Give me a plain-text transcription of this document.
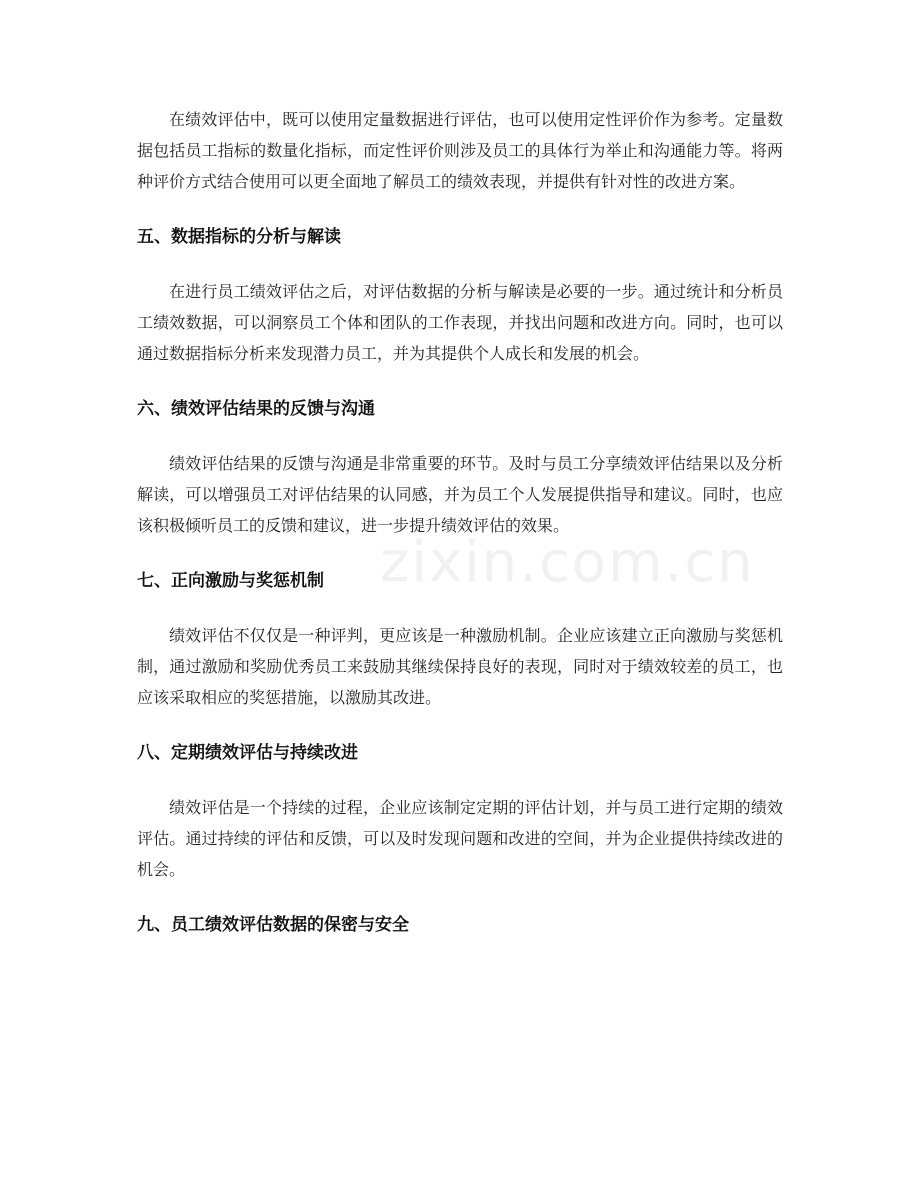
在绩效评估中，既可以使用定量数据进行评估，也可以使用定性评价作为参考。定量数据包括员工指标的数量化指标，而定性评价则涉及员工的具体行为举止和沟通能力等。将两种评价方式结合使用可以更全面地了解员工的绩效表现，并提供有针对性的改进方案。

五、数据指标的分析与解读

在进行员工绩效评估之后，对评估数据的分析与解读是必要的一步。通过统计和分析员工绩效数据，可以洞察员工个体和团队的工作表现，并找出问题和改进方向。同时，也可以通过数据指标分析来发现潜力员工，并为其提供个人成长和发展的机会。

六、绩效评估结果的反馈与沟通

绩效评估结果的反馈与沟通是非常重要的环节。及时与员工分享绩效评估结果以及分析解读，可以增强员工对评估结果的认同感，并为员工个人发展提供指导和建议。同时，也应该积极倾听员工的反馈和建议，进一步提升绩效评估的效果。

七、正向激励与奖惩机制

绩效评估不仅仅是一种评判，更应该是一种激励机制。企业应该建立正向激励与奖惩机制，通过激励和奖励优秀员工来鼓励其继续保持良好的表现，同时对于绩效较差的员工，也应该采取相应的奖惩措施，以激励其改进。

八、定期绩效评估与持续改进

绩效评估是一个持续的过程，企业应该制定定期的评估计划，并与员工进行定期的绩效评估。通过持续的评估和反馈，可以及时发现问题和改进的空间，并为企业提供持续改进的机会。

九、员工绩效评估数据的保密与安全
zixin.com.cn
